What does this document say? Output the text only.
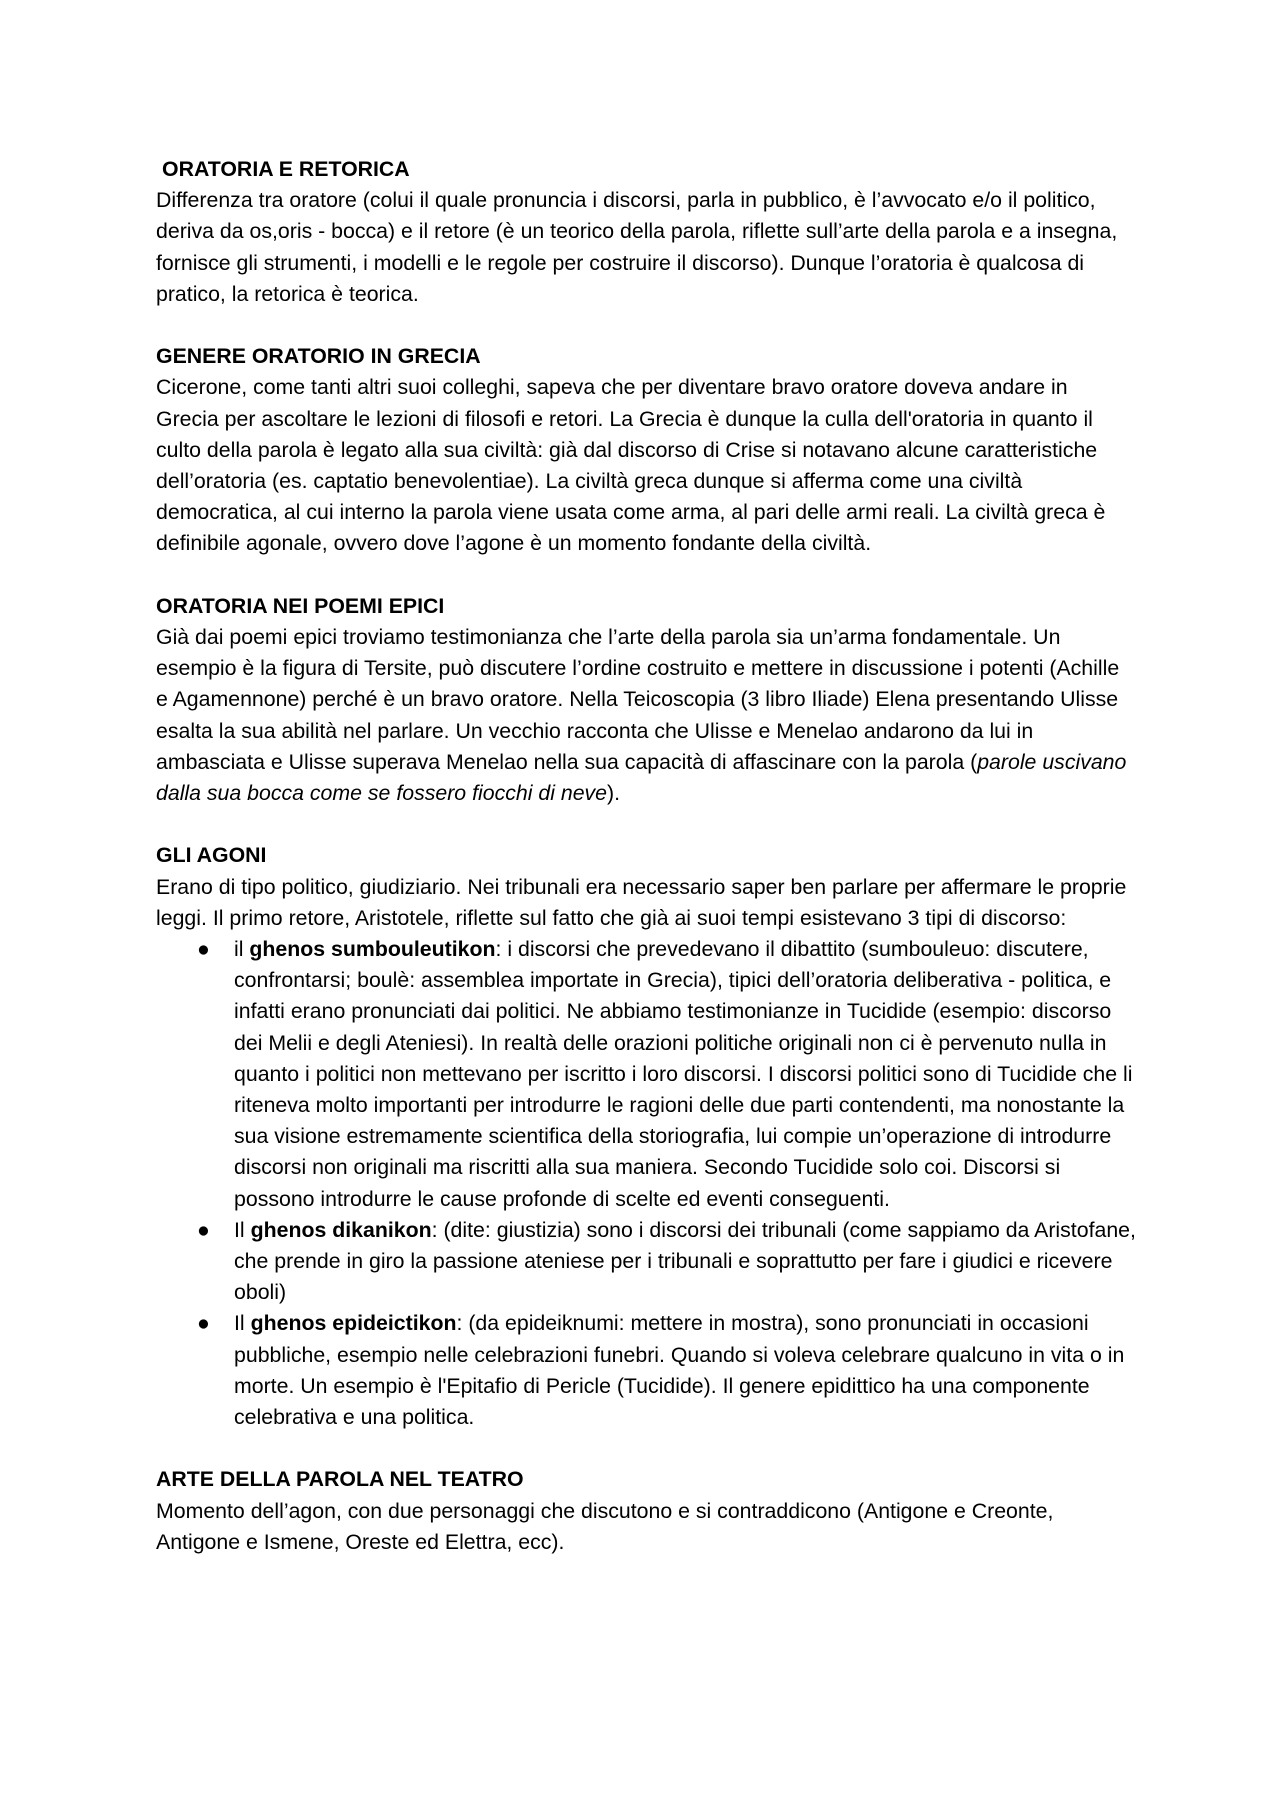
ORATORIA E RETORICA

Differenza tra oratore (colui il quale pronuncia i discorsi, parla in pubblico, è l’avvocato e/o il politico, deriva da os,oris - bocca) e il retore (è un teorico della parola, riflette sull’arte della parola e a insegna, fornisce gli strumenti, i modelli e le regole per costruire il discorso). Dunque l’oratoria è qualcosa di pratico, la retorica è teorica.

GENERE ORATORIO IN GRECIA

Cicerone, come tanti altri suoi colleghi, sapeva che per diventare bravo oratore doveva andare in Grecia per ascoltare le lezioni di filosofi e retori. La Grecia è dunque la culla dell'oratoria in quanto il culto della parola è legato alla sua civiltà: già dal discorso di Crise si notavano alcune caratteristiche dell’oratoria (es. captatio benevolentiae). La civiltà greca dunque si afferma come una civiltà democratica, al cui interno la parola viene usata come arma, al pari delle armi reali. La civiltà greca è definibile agonale, ovvero dove l’agone è un momento fondante della civiltà.

ORATORIA NEI POEMI EPICI

Già dai poemi epici troviamo testimonianza che l’arte della parola sia un’arma fondamentale. Un esempio è la figura di Tersite, può discutere l’ordine costruito e mettere in discussione i potenti (Achille e Agamennone) perché è un bravo oratore. Nella Teicoscopia (3 libro Iliade) Elena presentando Ulisse esalta la sua abilità nel parlare. Un vecchio racconta che Ulisse e Menelao andarono da lui in ambasciata e Ulisse superava Menelao nella sua capacità di affascinare con la parola (parole uscivano dalla sua bocca come se fossero fiocchi di neve).

GLI AGONI

Erano di tipo politico, giudiziario. Nei tribunali era necessario saper ben parlare per affermare le proprie leggi. Il primo retore, Aristotele, riflette sul fatto che già ai suoi tempi esistevano 3 tipi di discorso:

● il ghenos sumbouleutikon: i discorsi che prevedevano il dibattito (sumbouleuo: discutere, confrontarsi; boulè: assemblea importate in Grecia), tipici dell’oratoria deliberativa - politica, e infatti erano pronunciati dai politici. Ne abbiamo testimonianze in Tucidide (esempio: discorso dei Melii e degli Ateniesi). In realtà delle orazioni politiche originali non ci è pervenuto nulla in quanto i politici non mettevano per iscritto i loro discorsi. I discorsi politici sono di Tucidide che li riteneva molto importanti per introdurre le ragioni delle due parti contendenti, ma nonostante la sua visione estremamente scientifica della storiografia, lui compie un’operazione di introdurre discorsi non originali ma riscritti alla sua maniera. Secondo Tucidide solo coi. Discorsi si possono introdurre le cause profonde di scelte ed eventi conseguenti.
● Il ghenos dikanikon: (dite: giustizia) sono i discorsi dei tribunali (come sappiamo da Aristofane, che prende in giro la passione ateniese per i tribunali e soprattutto per fare i giudici e ricevere oboli)
● Il ghenos epideictikon: (da epideiknumi: mettere in mostra), sono pronunciati in occasioni pubbliche, esempio nelle celebrazioni funebri. Quando si voleva celebrare qualcuno in vita o in morte. Un esempio è l'Epitafio di Pericle (Tucidide). Il genere epidittico ha una componente celebrativa e una politica.
ARTE DELLA PAROLA NEL TEATRO

Momento dell’agon, con due personaggi che discutono e si contraddicono (Antigone e Creonte, Antigone e Ismene, Oreste ed Elettra, ecc).
